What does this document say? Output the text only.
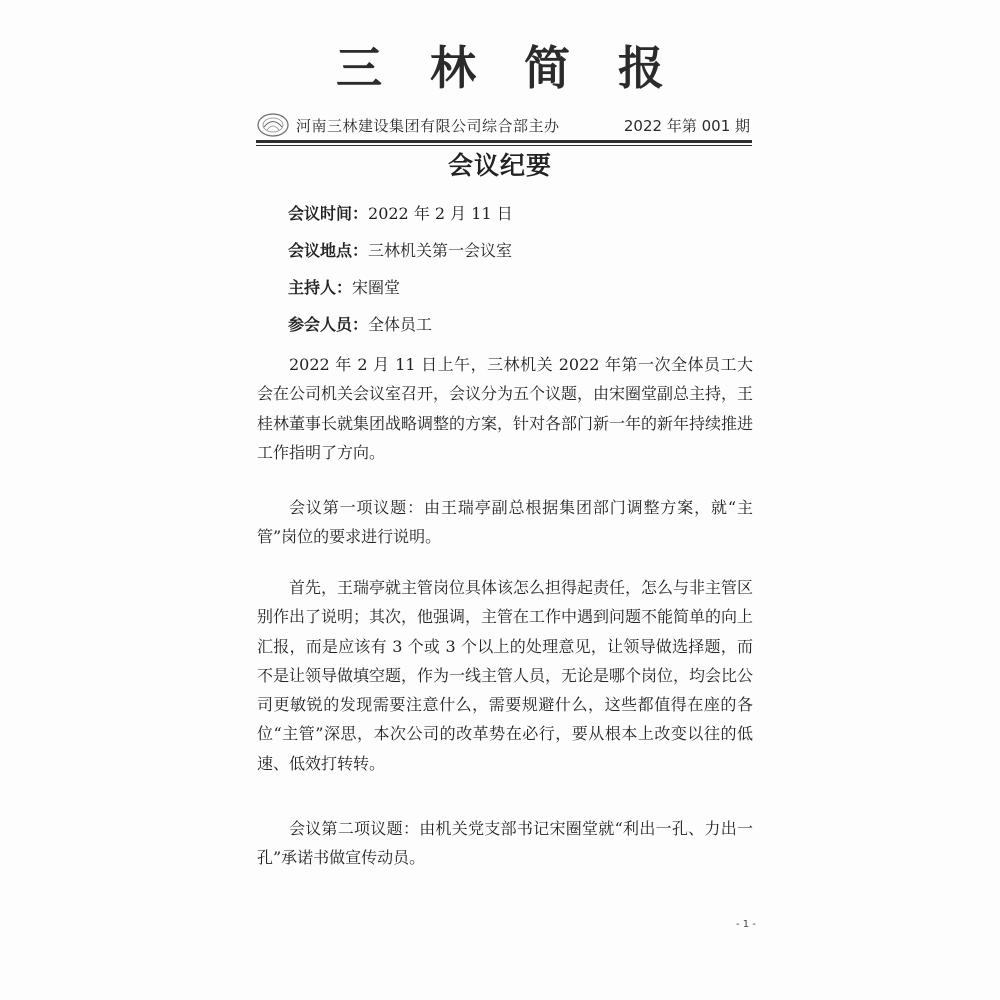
三林简报
河南三林建设集团有限公司综合部主办	2022 年第 001 期
会议纪要
会议时间：2022 年 2 月 11 日
会议地点：三林机关第一会议室
主持人：宋圈堂
参会人员：全体员工

2022 年 2 月 11 日上午，三林机关 2022 年第一次全体员工大会在公司机关会议室召开，会议分为五个议题，由宋圈堂副总主持，王桂林董事长就集团战略调整的方案，针对各部门新一年的新年持续推进工作指明了方向。

会议第一项议题：由王瑞亭副总根据集团部门调整方案，就“主管”岗位的要求进行说明。

首先，王瑞亭就主管岗位具体该怎么担得起责任，怎么与非主管区别作出了说明；其次，他强调，主管在工作中遇到问题不能简单的向上汇报，而是应该有 3 个或 3 个以上的处理意见，让领导做选择题，而不是让领导做填空题，作为一线主管人员，无论是哪个岗位，均会比公司更敏锐的发现需要注意什么，需要规避什么，这些都值得在座的各位“主管”深思，本次公司的改革势在必行，要从根本上改变以往的低速、低效打转转。

会议第二项议题：由机关党支部书记宋圈堂就“利出一孔、力出一孔”承诺书做宣传动员。

- 1 -
